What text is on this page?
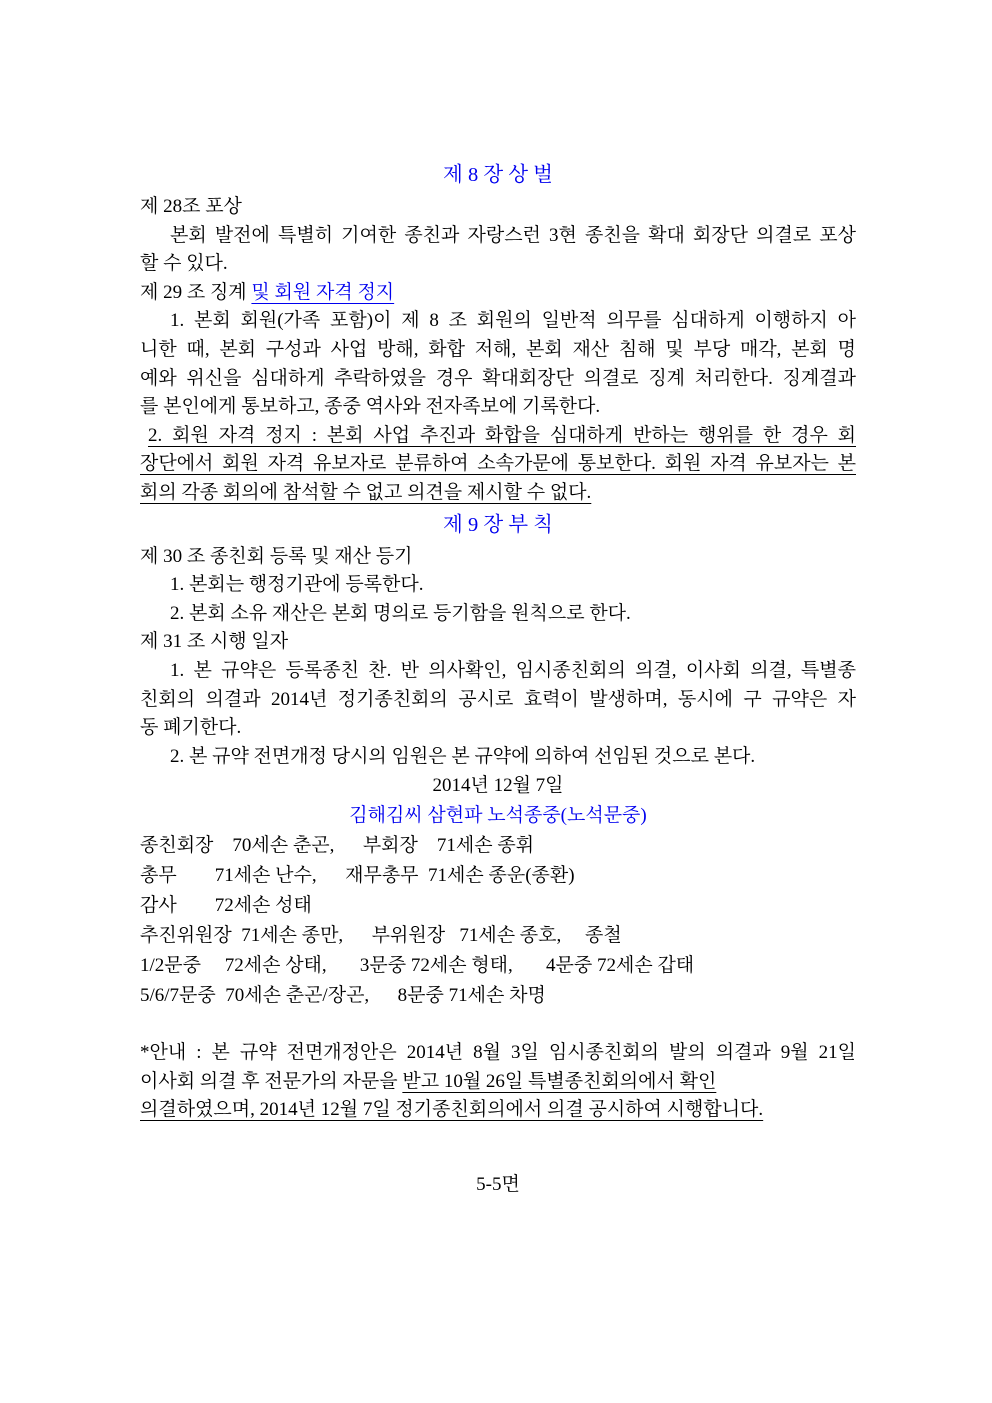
제 8 장 상 벌
제 28조 포상
본회 발전에 특별히 기여한 종친과 자랑스런 3현 종친을 확대 회장단 의결로 포상
할 수 있다.
제 29 조 징계 및 회원 자격 정지
1. 본회 회원(가족 포함)이 제 8 조 회원의 일반적 의무를 심대하게 이행하지 아
니한 때, 본회 구성과 사업 방해, 화합 저해, 본회 재산 침해 및 부당 매각, 본회 명
예와 위신을 심대하게 추락하였을 경우 확대회장단 의결로 징계 처리한다. 징계결과
를 본인에게 통보하고, 종중 역사와 전자족보에 기록한다.
2. 회원 자격 정지 : 본회 사업 추진과 화합을 심대하게 반하는 행위를 한 경우 회
장단에서 회원 자격 유보자로 분류하여 소속가문에 통보한다. 회원 자격 유보자는 본
회의 각종 회의에 참석할 수 없고 의견을 제시할 수 없다.
제 9 장 부 칙
제 30 조 종친회 등록 및 재산 등기
1. 본회는 행정기관에 등록한다.
2. 본회 소유 재산은 본회 명의로 등기함을 원칙으로 한다.
제 31 조 시행 일자
1. 본 규약은 등록종친 찬. 반 의사확인, 임시종친회의 의결, 이사회 의결, 특별종
친회의 의결과 2014년 정기종친회의 공시로 효력이 발생하며, 동시에 구 규약은 자
동 폐기한다.
2. 본 규약 전면개정 당시의 임원은 본 규약에 의하여 선임된 것으로 본다.
2014년 12월 7일
김해김씨 삼현파 노석종중(노석문중)
종친회장    70세손 춘곤,      부회장    71세손 종휘
총무        71세손 난수,      재무총무  71세손 종운(종환)
감사        72세손 성태
추진위원장  71세손 종만,      부위원장   71세손 종호,     종철
1/2문중     72세손 상태,       3문중 72세손 형태,       4문중 72세손 갑태
5/6/7문중  70세손 춘곤/장곤,      8문중 71세손 차명
*안내 : 본 규약 전면개정안은 2014년 8월 3일 임시종친회의 발의 의결과 9월 21일
이사회 의결 후 전문가의 자문을 받고 10월 26일 특별종친회의에서 확인
의결하였으며, 2014년 12월 7일 정기종친회의에서 의결 공시하여 시행합니다.
5-5면
